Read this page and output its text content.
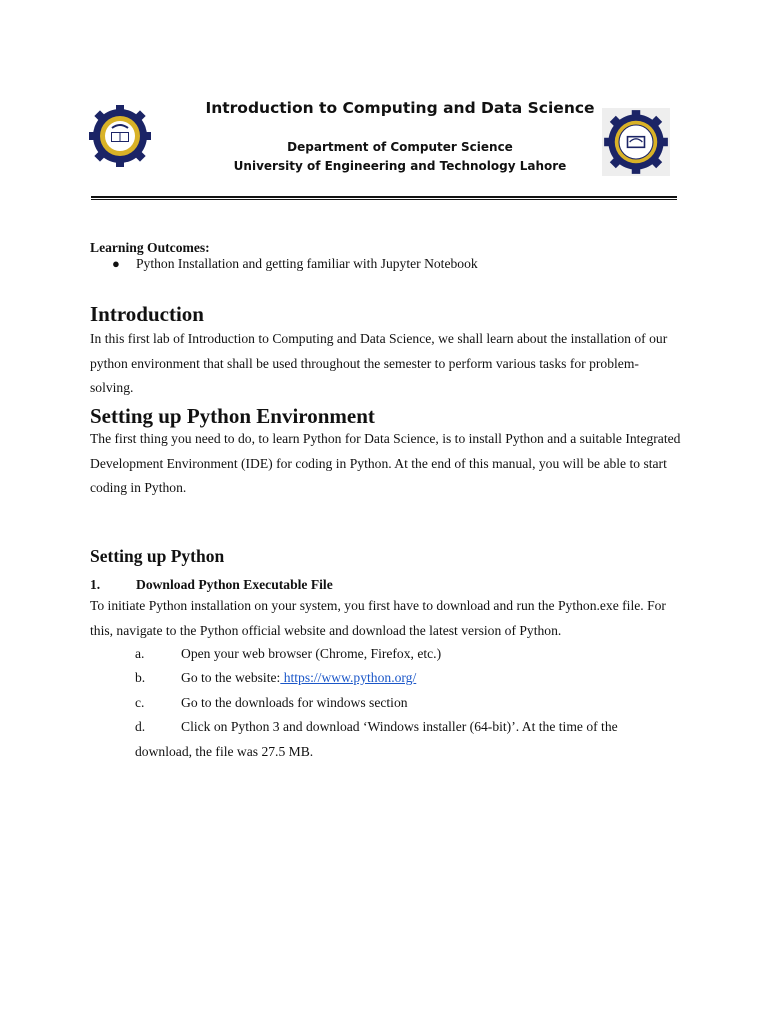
Introduction to Computing and Data Science
Department of Computer Science
University of Engineering and Technology Lahore
Learning Outcomes:
● Python Installation and getting familiar with Jupyter Notebook
Introduction
In this first lab of Introduction to Computing and Data Science, we shall learn about the installation of our python environment that shall be used throughout the semester to perform various tasks for problem-solving.
Setting up Python Environment
The first thing you need to do, to learn Python for Data Science, is to install Python and a suitable Integrated Development Environment (IDE) for coding in Python. At the end of this manual, you will be able to start coding in Python.
Setting up Python
1.	Download Python Executable File
To initiate Python installation on your system, you first have to download and run the Python.exe file. For this, navigate to the Python official website and download the latest version of Python.
a.	Open your web browser (Chrome, Firefox, etc.)
b.	Go to the website: https://www.python.org/
c.	Go to the downloads for windows section
d.	Click on Python 3 and download ‘Windows installer (64-bit)’. At the time of the
download, the file was 27.5 MB.
